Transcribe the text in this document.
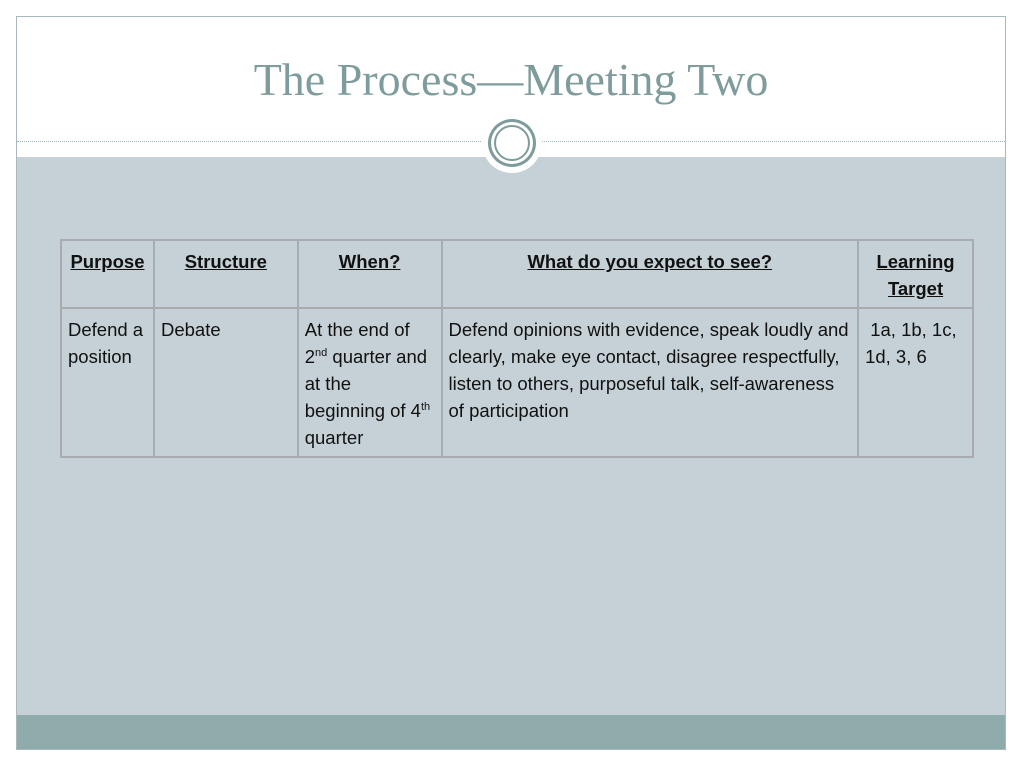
The Process—Meeting Two
Purpose	Structure	When?	What do you expect to see?	Learning Target
Defend a position	Debate	At the end of 2nd quarter and at the beginning of 4th quarter	Defend opinions with evidence, speak loudly and clearly, make eye contact, disagree respectfully, listen to others, purposeful talk, self-awareness of participation	1a, 1b, 1c, 1d, 3, 6
